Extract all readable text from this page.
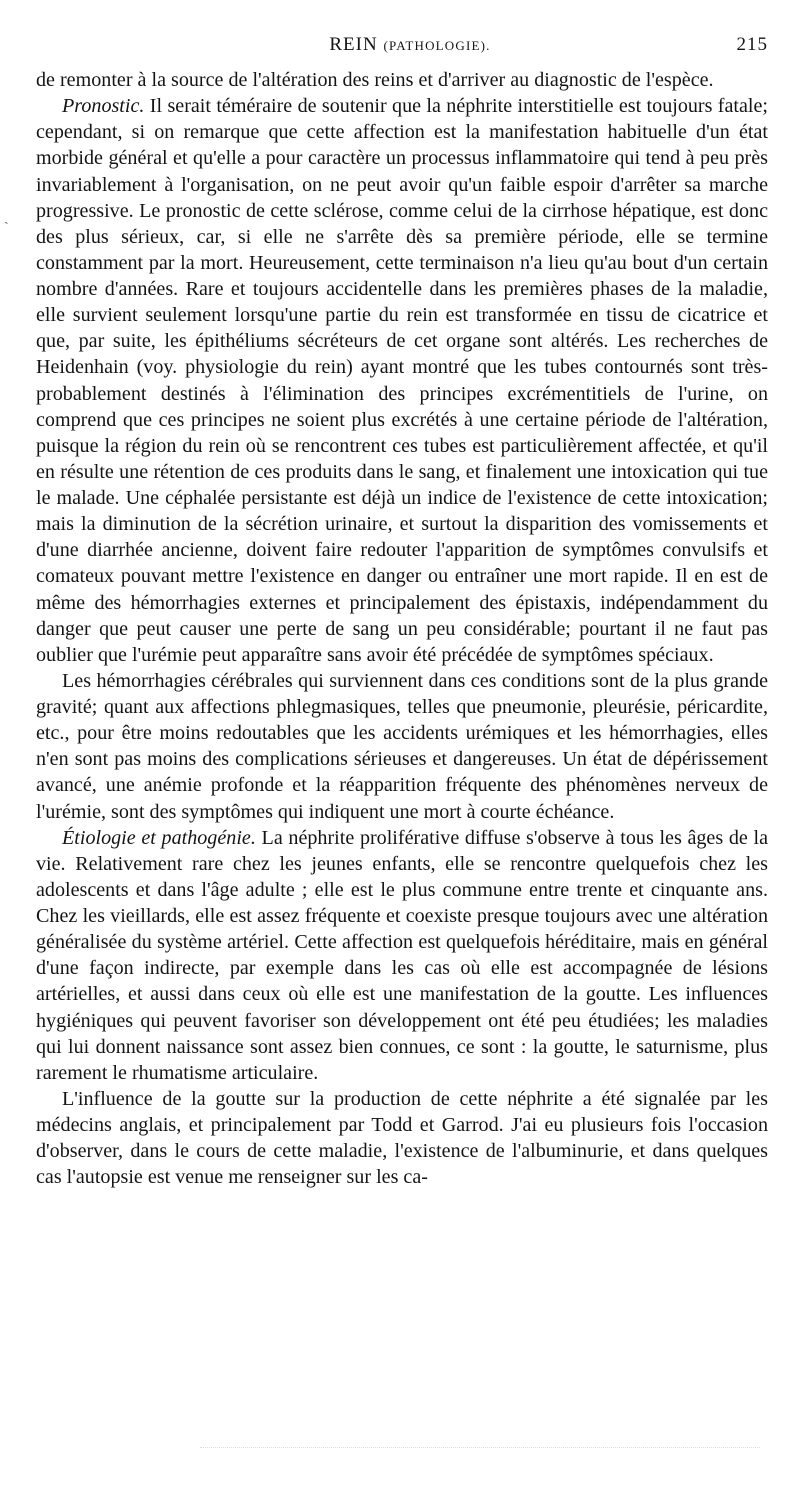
REIN (PATHOLOGIE).	215
ˎ

de remonter à la source de l'altération des reins et d'arriver au diagnostic de l'espèce.

Pronostic. Il serait téméraire de soutenir que la néphrite interstitielle est toujours fatale; cependant, si on remarque que cette affection est la manifestation habituelle d'un état morbide général et qu'elle a pour caractère un processus inflammatoire qui tend à peu près invariablement à l'organisation, on ne peut avoir qu'un faible espoir d'arrêter sa marche progressive. Le pronostic de cette sclérose, comme celui de la cirrhose hépatique, est donc des plus sérieux, car, si elle ne s'arrête dès sa première période, elle se termine constamment par la mort. Heureusement, cette terminaison n'a lieu qu'au bout d'un certain nombre d'années. Rare et toujours accidentelle dans les premières phases de la maladie, elle survient seulement lorsqu'une partie du rein est transformée en tissu de cicatrice et que, par suite, les épithéliums sécréteurs de cet organe sont altérés. Les recherches de Heidenhain (voy. physiologie du rein) ayant montré que les tubes contournés sont très-probablement destinés à l'élimination des principes excrémentitiels de l'urine, on comprend que ces principes ne soient plus excrétés à une certaine période de l'altération, puisque la région du rein où se rencontrent ces tubes est particulièrement affectée, et qu'il en résulte une rétention de ces produits dans le sang, et finalement une intoxication qui tue le malade. Une céphalée persistante est déjà un indice de l'existence de cette intoxication; mais la diminution de la sécrétion urinaire, et surtout la disparition des vomissements et d'une diarrhée ancienne, doivent faire redouter l'apparition de symptômes convulsifs et comateux pouvant mettre l'existence en danger ou entraîner une mort rapide. Il en est de même des hémorrhagies externes et principalement des épistaxis, indépendamment du danger que peut causer une perte de sang un peu considérable; pourtant il ne faut pas oublier que l'urémie peut apparaître sans avoir été précédée de symptômes spéciaux.

Les hémorrhagies cérébrales qui surviennent dans ces conditions sont de la plus grande gravité; quant aux affections phlegmasiques, telles que pneumonie, pleurésie, péricardite, etc., pour être moins redoutables que les accidents urémiques et les hémorrhagies, elles n'en sont pas moins des complications sérieuses et dangereuses. Un état de dépérissement avancé, une anémie profonde et la réapparition fréquente des phénomènes nerveux de l'urémie, sont des symptômes qui indiquent une mort à courte échéance.

Étiologie et pathogénie. La néphrite proliférative diffuse s'observe à tous les âges de la vie. Relativement rare chez les jeunes enfants, elle se rencontre quelquefois chez les adolescents et dans l'âge adulte ; elle est le plus commune entre trente et cinquante ans. Chez les vieillards, elle est assez fréquente et coexiste presque toujours avec une altération généralisée du système artériel. Cette affection est quelquefois héréditaire, mais en général d'une façon indirecte, par exemple dans les cas où elle est accompagnée de lésions artérielles, et aussi dans ceux où elle est une manifestation de la goutte. Les influences hygiéniques qui peuvent favoriser son développement ont été peu étudiées; les maladies qui lui donnent naissance sont assez bien connues, ce sont : la goutte, le saturnisme, plus rarement le rhumatisme articulaire.

L'influence de la goutte sur la production de cette néphrite a été signalée par les médecins anglais, et principalement par Todd et Garrod. J'ai eu plusieurs fois l'occasion d'observer, dans le cours de cette maladie, l'existence de l'albuminurie, et dans quelques cas l'autopsie est venue me renseigner sur les ca-
